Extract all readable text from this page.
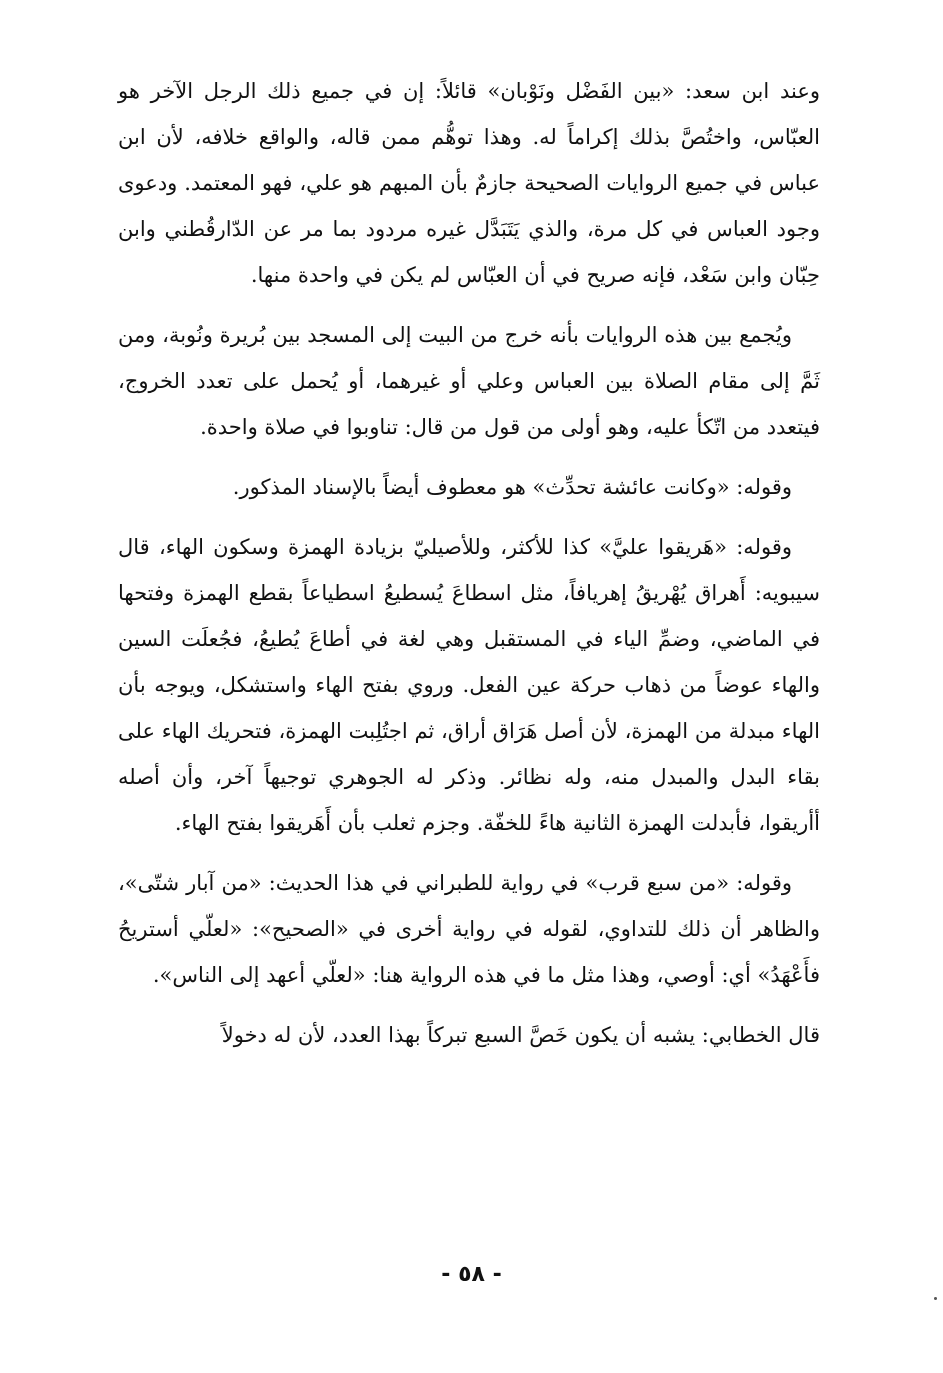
وعند ابن سعد: «بين الفَضْل ونَوْبان» قائلاً: إن في جميع ذلك الرجل الآخر هو العبّاس، واختُصَّ بذلك إكراماً له. وهذا توهُّم ممن قاله، والواقع خلافه، لأن ابن عباس في جميع الروايات الصحيحة جازمٌ بأن المبهم هو علي، فهو المعتمد. ودعوى وجود العباس في كل مرة، والذي يَتَبَدَّل غيره مردود بما مر عن الدّارقُطني وابن حِبّان وابن سَعْد، فإنه صريح في أن العبّاس لم يكن في واحدة منها.

ويُجمع بين هذه الروايات بأنه خرج من البيت إلى المسجد بين بُريرة ونُوبة، ومن ثَمَّ إلى مقام الصلاة بين العباس وعلي أو غيرهما، أو يُحمل على تعدد الخروج، فيتعدد من اتّكأ عليه، وهو أولى من قول من قال: تناوبوا في صلاة واحدة.

وقوله: «وكانت عائشة تحدِّث» هو معطوف أيضاً بالإسناد المذكور.

وقوله: «هَريقوا عليَّ» كذا للأكثر، وللأصيليّ بزيادة الهمزة وسكون الهاء، قال سيبويه: أَهراق يُهْريقُ إهريافاً، مثل اسطاعَ يُسطيعُ اسطياعاً بقطع الهمزة وفتحها في الماضي، وضمِّ الياء في المستقبل وهي لغة في أطاعَ يُطيعُ، فجُعلَت السين والهاء عوضاً من ذهاب حركة عين الفعل. وروي بفتح الهاء واستشكل، ويوجه بأن الهاء مبدلة من الهمزة، لأن أصل هَرَاق أراق، ثم اجتُلِبت الهمزة، فتحريك الهاء على بقاء البدل والمبدل منه، وله نظائر. وذكر له الجوهري توجيهاً آخر، وأن أصله أأريقوا، فأبدلت الهمزة الثانية هاءً للخفّة. وجزم ثعلب بأن أَهَريقوا بفتح الهاء.

وقوله: «من سبع قرب» في رواية للطبراني في هذا الحديث: «من آبار شتّى»، والظاهر أن ذلك للتداوي، لقوله في رواية أخرى في «الصحيح»: «لعلّي أستريحُ فأَعْهَدُ» أي: أوصي، وهذا مثل ما في هذه الرواية هنا: «لعلّي أعهد إلى الناس».

قال الخطابي: يشبه أن يكون خَصَّ السبع تبركاً بهذا العدد، لأن له دخولاً

- ٥٨ -
